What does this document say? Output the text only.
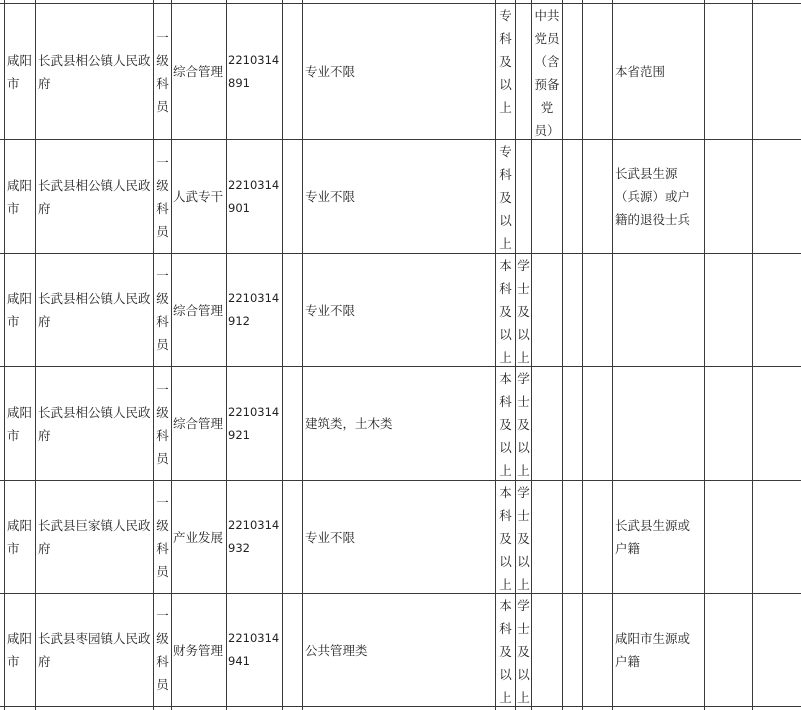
咸阳市
长武县相公镇人民政府
一级科员
综合管理
2210314891
专业不限
专科及以上
中共党员（含预备党员）
本省范围
咸阳市
长武县相公镇人民政府
一级科员
人武专干
2210314901
专业不限
专科及以上
长武县生源（兵源）或户籍的退役士兵
咸阳市
长武县相公镇人民政府
一级科员
综合管理
2210314912
专业不限
本科及以上
学士及以上
咸阳市
长武县相公镇人民政府
一级科员
综合管理
2210314921
建筑类，土木类
本科及以上
学士及以上
咸阳市
长武县巨家镇人民政府
一级科员
产业发展
2210314932
专业不限
本科及以上
学士及以上
长武县生源或户籍
咸阳市
长武县枣园镇人民政府
一级科员
财务管理
2210314941
公共管理类
本科及以上
学士及以上
咸阳市生源或户籍
